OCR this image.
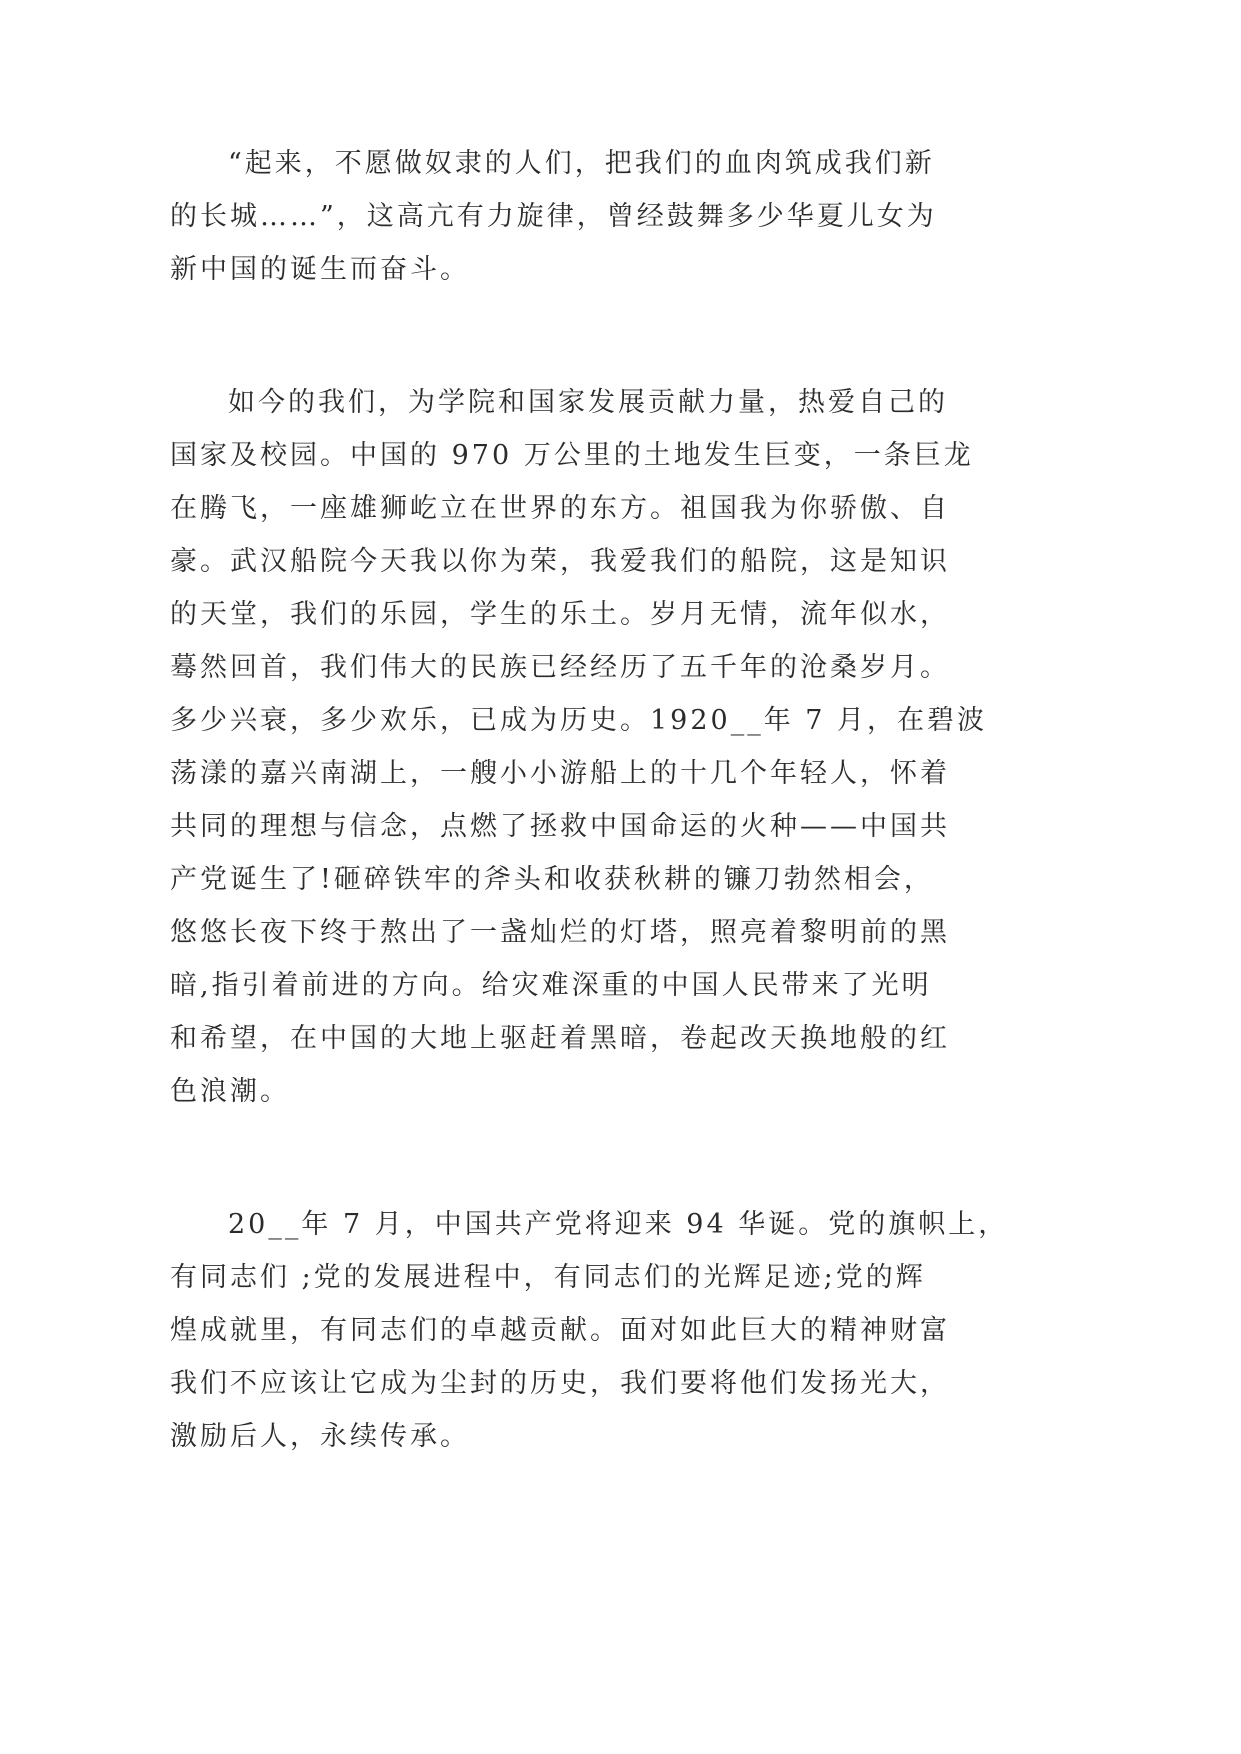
“起来，不愿做奴隶的人们，把我们的血肉筑成我们新
的长城……”，这高亢有力旋律，曾经鼓舞多少华夏儿女为
新中国的诞生而奋斗。
如今的我们，为学院和国家发展贡献力量，热爱自己的
国家及校园。中国的 970 万公里的土地发生巨变，一条巨龙
在腾飞，一座雄狮屹立在世界的东方。祖国我为你骄傲、自
豪。武汉船院今天我以你为荣，我爱我们的船院，这是知识
的天堂，我们的乐园，学生的乐土。岁月无情，流年似水，
蓦然回首，我们伟大的民族已经经历了五千年的沧桑岁月。
多少兴衰，多少欢乐，已成为历史。1920__年 7 月，在碧波
荡漾的嘉兴南湖上，一艘小小游船上的十几个年轻人，怀着
共同的理想与信念，点燃了拯救中国命运的火种——中国共
产党诞生了!砸碎铁牢的斧头和收获秋耕的镰刀勃然相会，
悠悠长夜下终于熬出了一盏灿烂的灯塔，照亮着黎明前的黑
暗,指引着前进的方向。给灾难深重的中国人民带来了光明
和希望，在中国的大地上驱赶着黑暗，卷起改天换地般的红
色浪潮。
20__年 7 月，中国共产党将迎来 94 华诞。党的旗帜上，
有同志们 ;党的发展进程中，有同志们的光辉足迹;党的辉
煌成就里，有同志们的卓越贡献。面对如此巨大的精神财富
我们不应该让它成为尘封的历史，我们要将他们发扬光大，
激励后人，永续传承。
